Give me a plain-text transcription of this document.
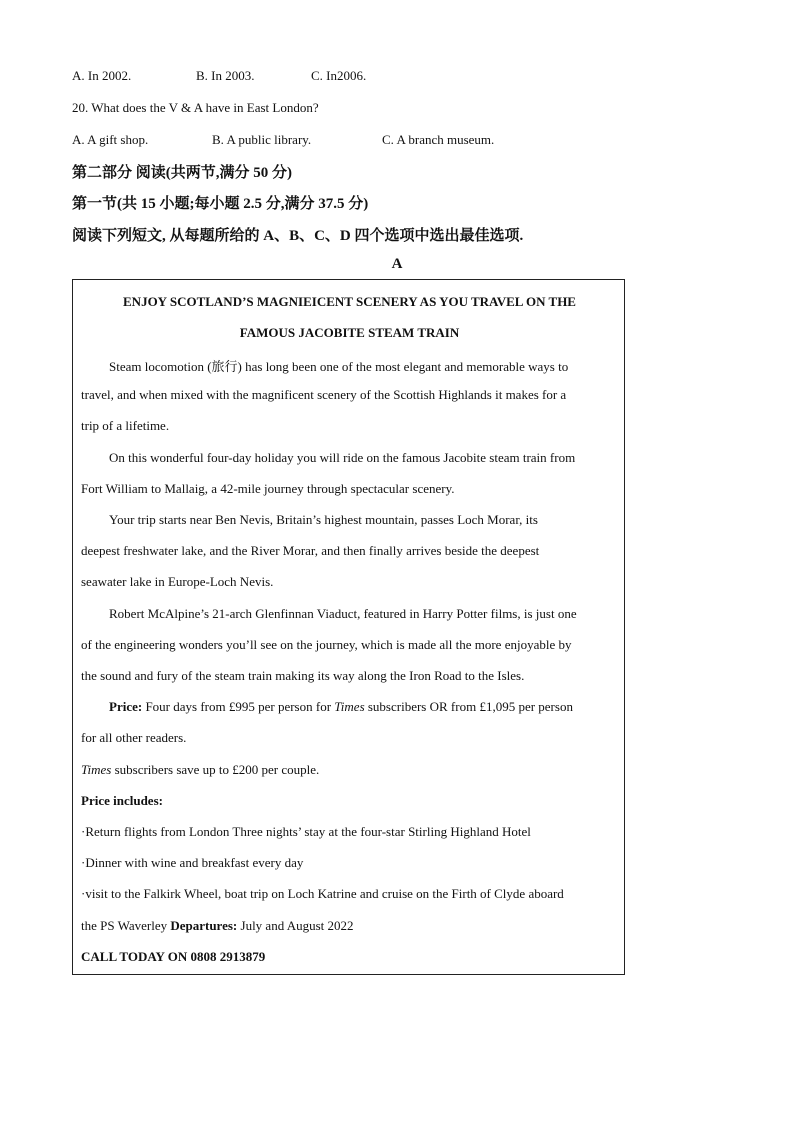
A. In 2002.	B. In 2003.	C. In2006.
20. What does the V & A have in East London?
A. A gift shop.	B. A public library.	C. A branch museum.
第二部分 阅读(共两节,满分 50 分)
第一节(共 15 小题;每小题 2.5 分,满分 37.5 分)
阅读下列短文, 从每题所给的 A、B、C、D 四个选项中选出最佳选项.
A
ENJOY SCOTLAND’S MAGNIEICENT SCENERY AS YOU TRAVEL ON THE
FAMOUS JACOBITE STEAM TRAIN
Steam locomotion (旅行) has long been one of the most elegant and memorable ways to
travel, and when mixed with the magnificent scenery of the Scottish Highlands it makes for a
trip of a lifetime.
On this wonderful four-day holiday you will ride on the famous Jacobite steam train from
Fort William to Mallaig, a 42-mile journey through spectacular scenery.
Your trip starts near Ben Nevis, Britain’s highest mountain, passes Loch Morar, its
deepest freshwater lake, and the River Morar, and then finally arrives beside the deepest
seawater lake in Europe-Loch Nevis.
Robert McAlpine’s 21-arch Glenfinnan Viaduct, featured in Harry Potter films, is just one
of the engineering wonders you’ll see on the journey, which is made all the more enjoyable by
the sound and fury of the steam train making its way along the Iron Road to the Isles.
Price: Four days from £995 per person for Times subscribers OR from £1,095 per person
for all other readers.
Times subscribers save up to £200 per couple.
Price includes:
·Return flights from London Three nights’ stay at the four-star Stirling Highland Hotel
·Dinner with wine and breakfast every day
·visit to the Falkirk Wheel, boat trip on Loch Katrine and cruise on the Firth of Clyde aboard
the PS Waverley Departures: July and August 2022
CALL TODAY ON 0808 2913879
